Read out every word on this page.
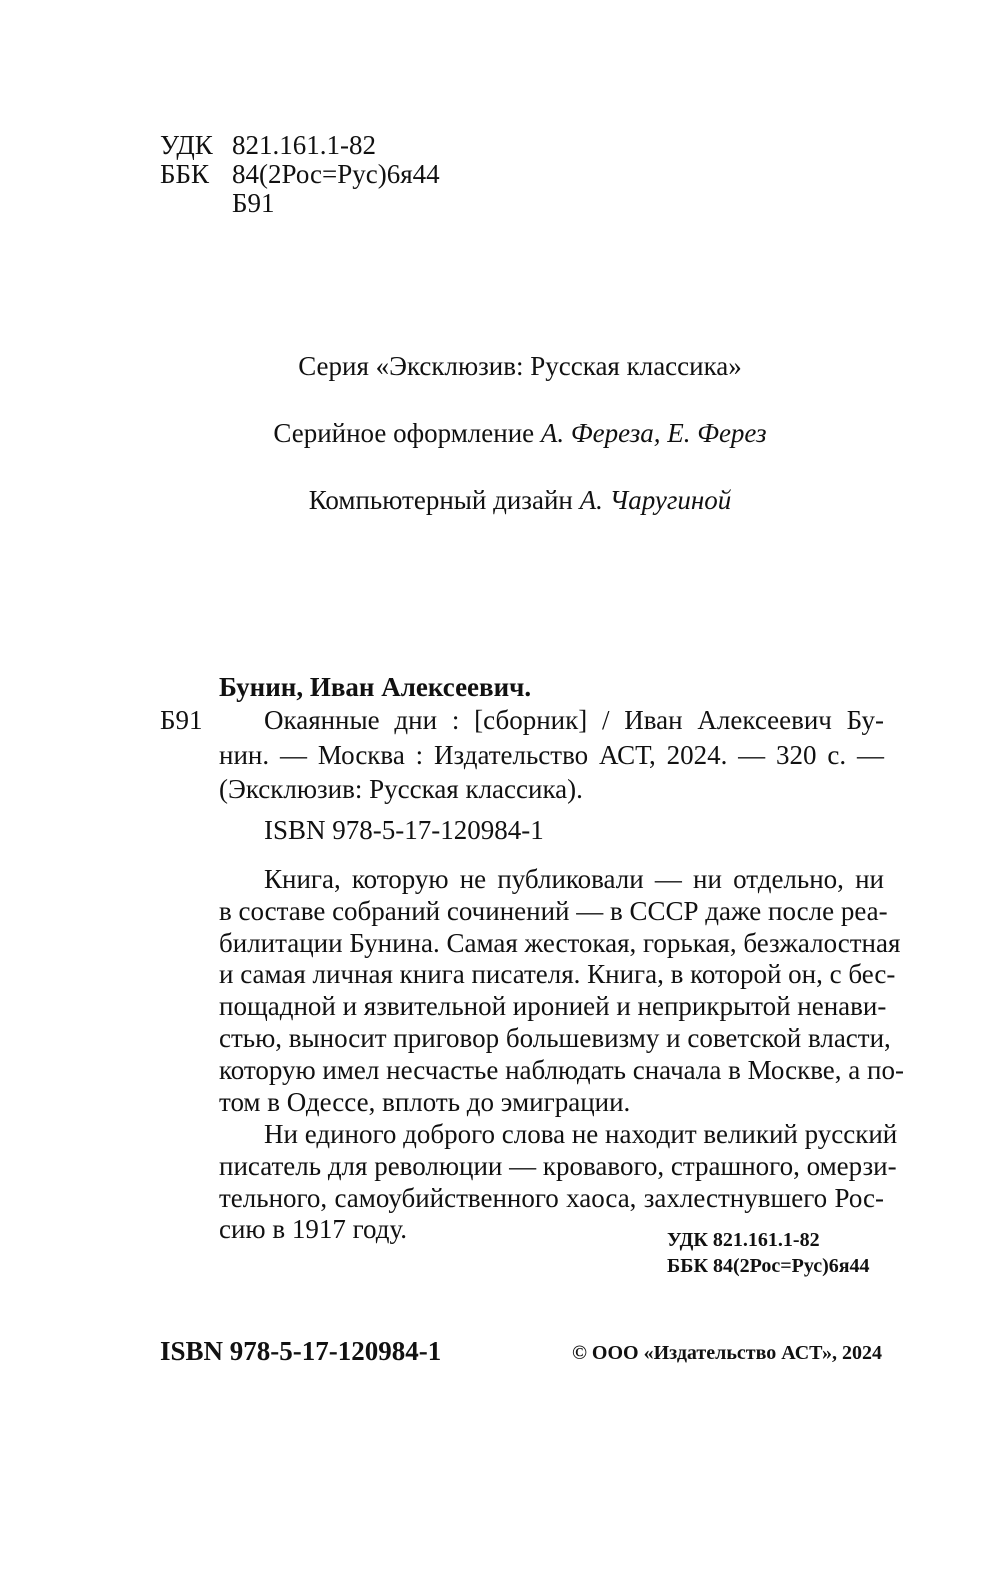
УДК 821.161.1-82
ББК 84(2Рос=Рус)6я44
Б91
Серия «Эксклюзив: Русская классика»
Серийное оформление А. Фереза, Е. Ферез
Компьютерный дизайн А. Чаругиной
Бунин, Иван Алексеевич.
Б91	Окаянные дни : [сборник] / Иван Алексеевич Бу-
нин. — Москва : Издательство АСТ, 2024. — 320 с. —
(Эксклюзив: Русская классика).
ISBN 978-5-17-120984-1
Книга, которую не публиковали — ни отдельно, ни
в составе собраний сочинений — в СССР даже после реа-
билитации Бунина. Самая жестокая, горькая, безжалостная
и самая личная книга писателя. Книга, в которой он, с бес-
пощадной и язвительной иронией и неприкрытой ненави-
стью, выносит приговор большевизму и советской власти,
которую имел несчастье наблюдать сначала в Москве, а по-
том в Одессе, вплоть до эмиграции.
Ни единого доброго слова не находит великий русский
писатель для революции — кровавого, страшного, омерзи-
тельного, самоубийственного хаоса, захлестнувшего Рос-
сию в 1917 году.	УДК 821.161.1-82
ББК 84(2Рос=Рус)6я44
ISBN 978-5-17-120984-1	© ООО «Издательство АСТ», 2024
